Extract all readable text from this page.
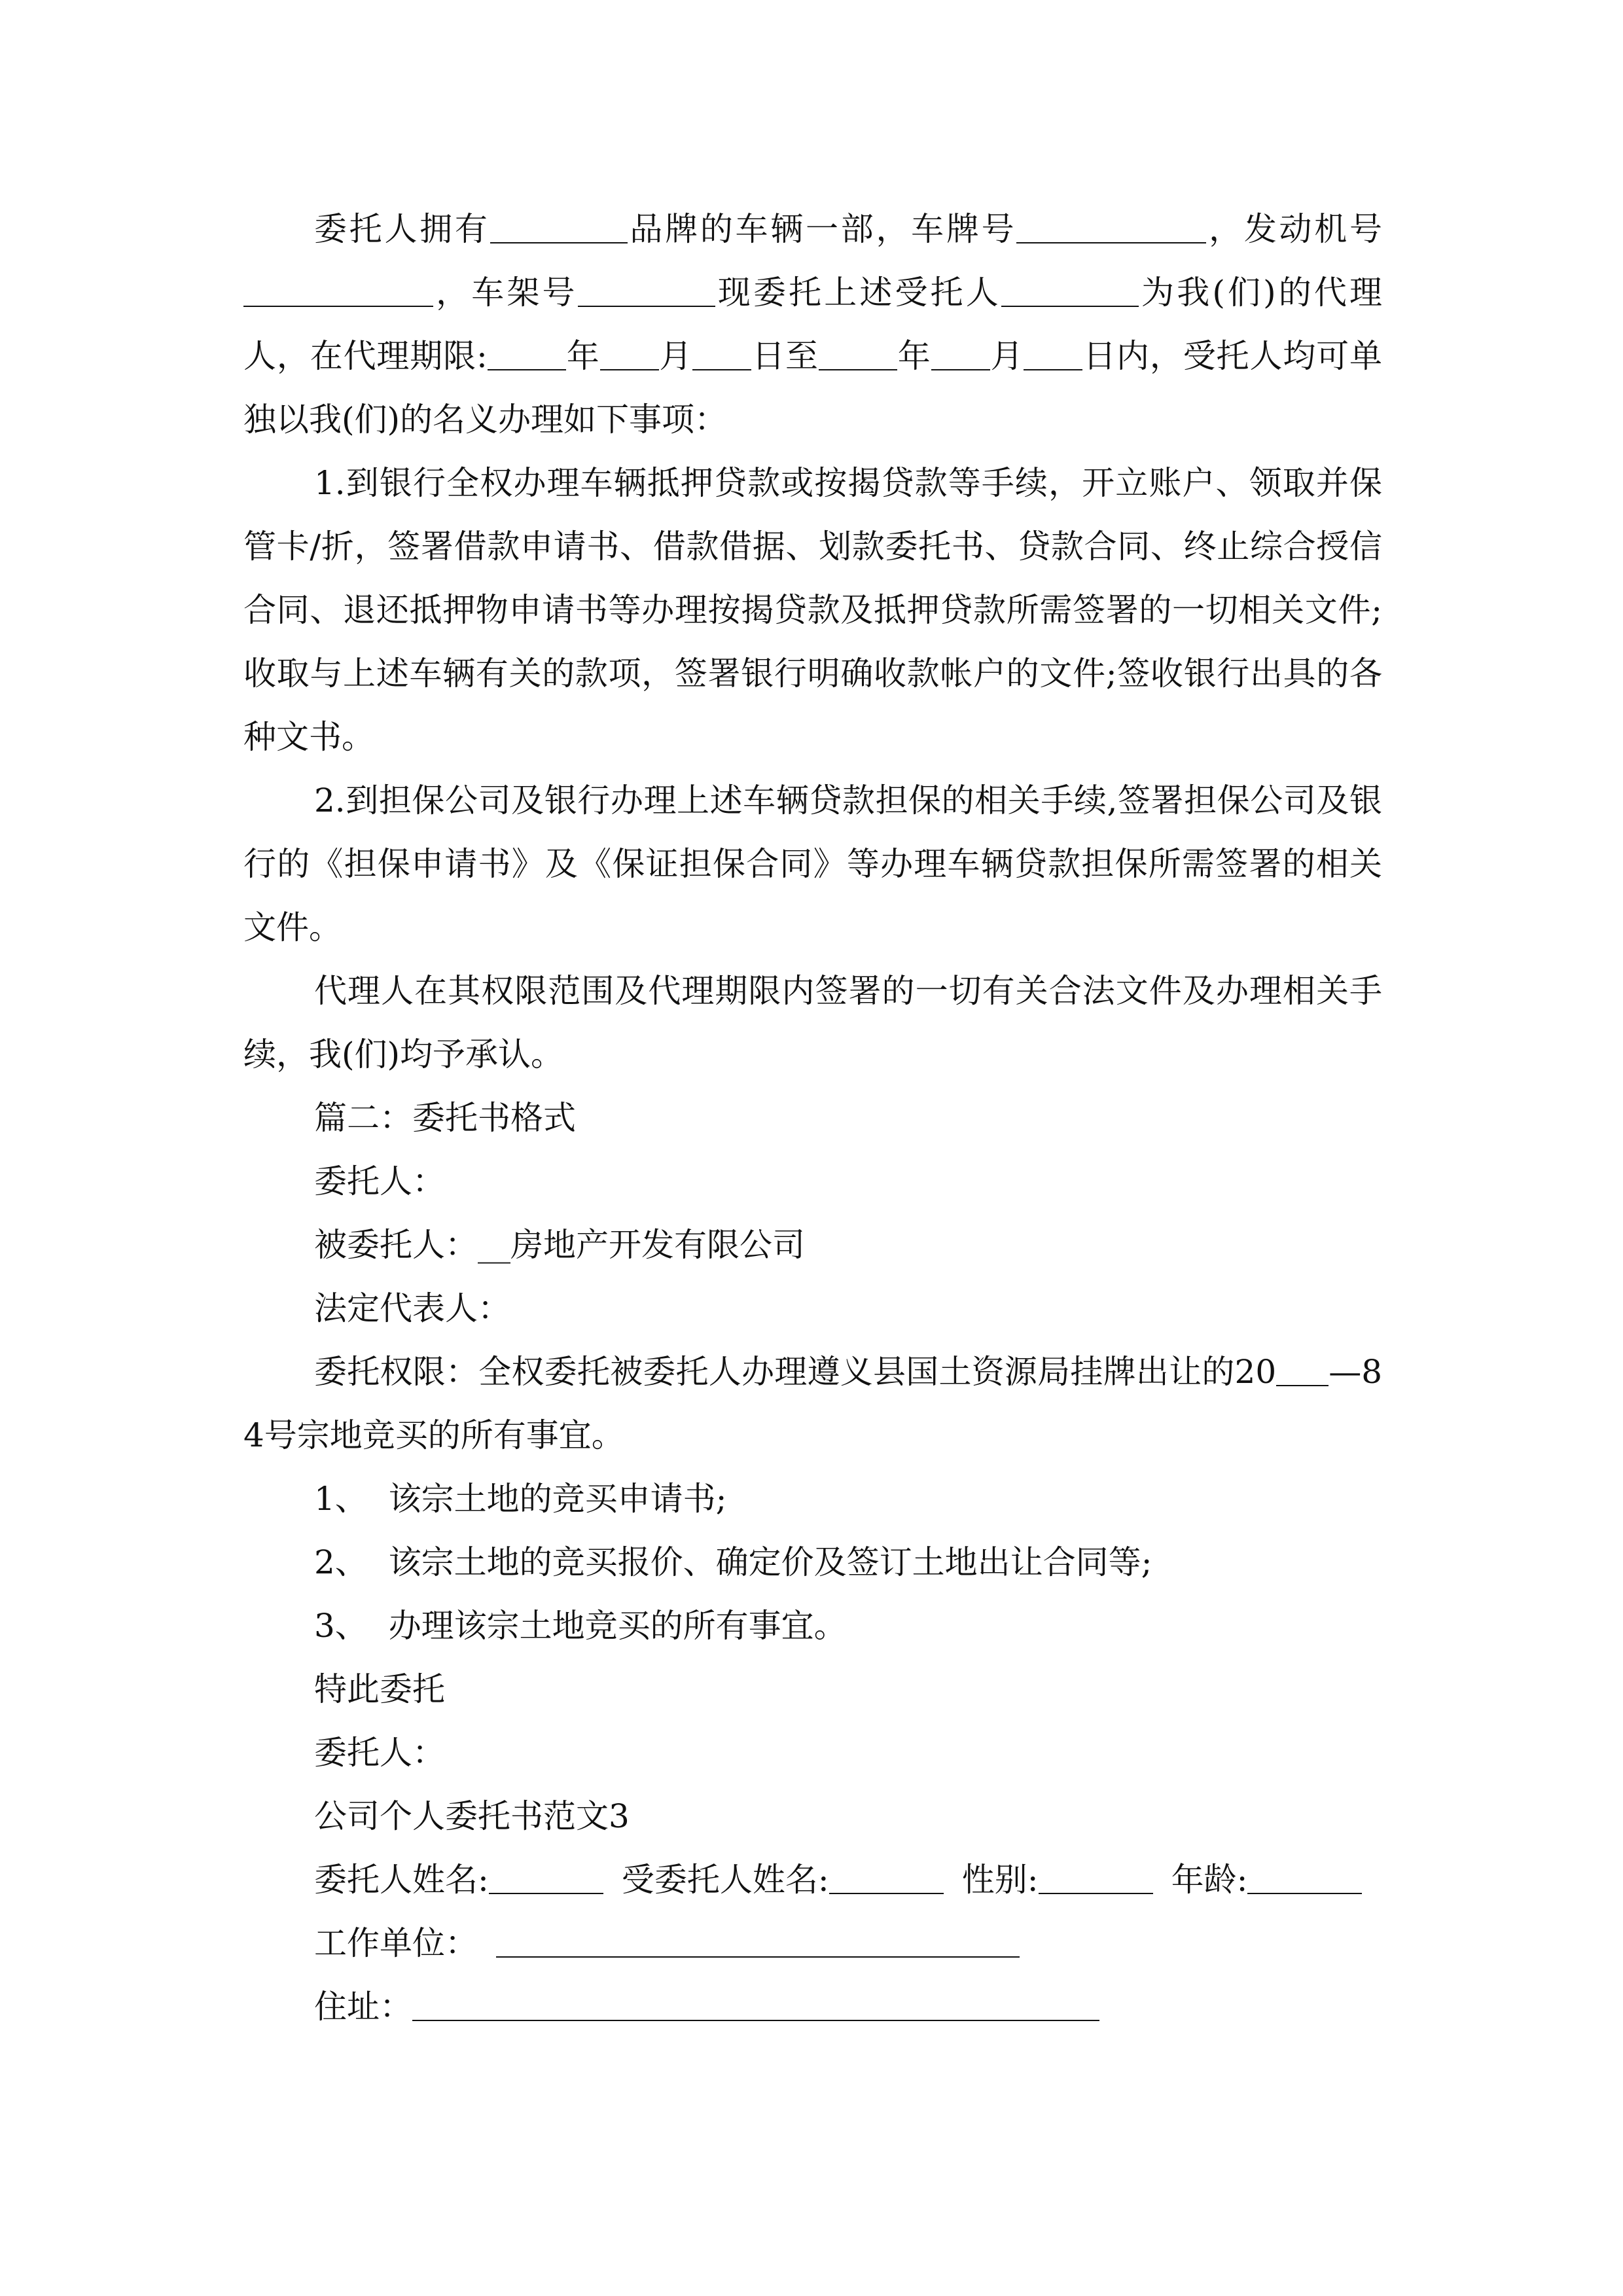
委托人拥有	品牌的车辆一部，车牌号	，发动机号，车架号	现委托上述受托人	为我(们)的代理人，在代理期限: 年 月 日至 年 月 日内，受托人均可单独以我(们)的名义办理如下事项：

1.到银行全权办理车辆抵押贷款或按揭贷款等手续，开立账户、领取并保管卡/折，签署借款申请书、借款借据、划款委托书、贷款合同、终止综合授信合同、退还抵押物申请书等办理按揭贷款及抵押贷款所需签署的一切相关文件;收取与上述车辆有关的款项，签署银行明确收款帐户的文件;签收银行出具的各种文书。

2.到担保公司及银行办理上述车辆贷款担保的相关手续,签署担保公司及银行的《担保申请书》及《保证担保合同》等办理车辆贷款担保所需签署的相关文件。

代理人在其权限范围及代理期限内签署的一切有关合法文件及办理相关手续，我(们)均予承认。

篇二：委托书格式

委托人：

被委托人：__房地产开发有限公司

法定代表人：

委托权限：全权委托被委托人办理遵义县国土资源局挂牌出让的20 —84号宗地竞买的所有事宜。

1、  该宗土地的竞买申请书;

2、  该宗土地的竞买报价、确定价及签订土地出让合同等;

3、  办理该宗土地竞买的所有事宜。

特此委托

委托人：

公司个人委托书范文3

委托人姓名:	受委托人姓名:	性别:	年龄:

工作单位：

住址：
